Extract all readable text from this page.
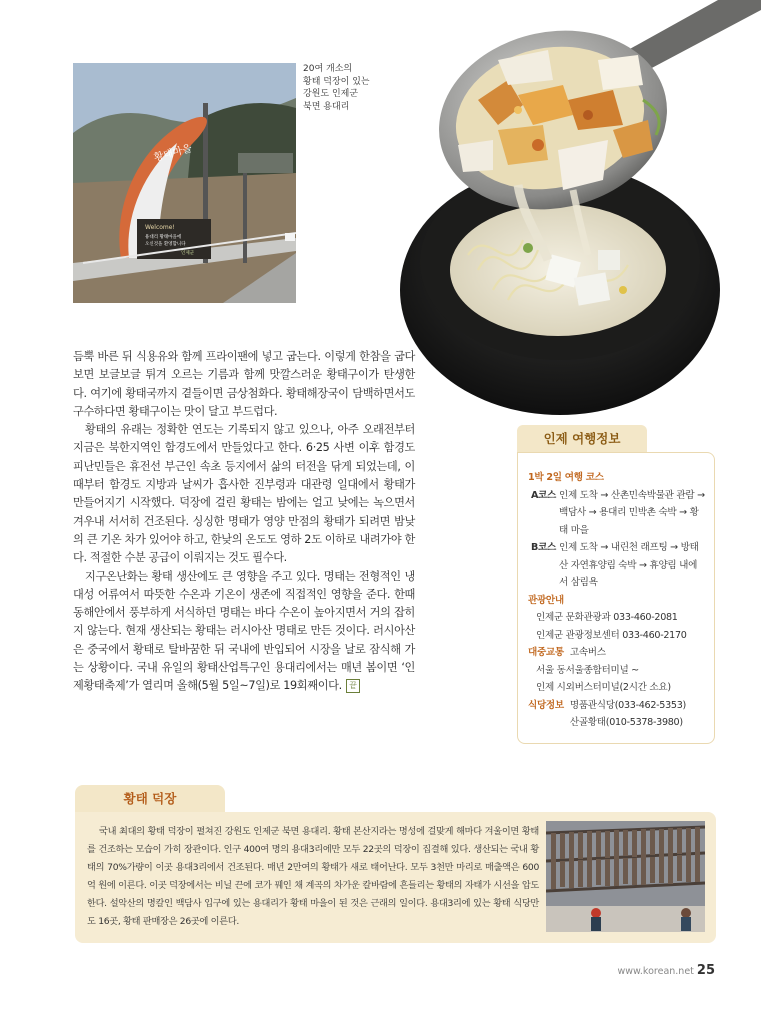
황태마을
Welcome!
용대리 황태마을에
오신것을 환영합니다
인제군
20여 개소의
황태 덕장이 있는
강원도 인제군
북면 용대리

듬뿍 바른 뒤 식용유와 함께 프라이팬에 넣고 굽는다. 이렇게 한참을 굽다 보면 보글보글 튀겨 오르는 기름과 함께 맛깔스러운 황태구이가 탄생한다. 여기에 황태국까지 곁들이면 금상첨화다. 황태해장국이 담백하면서도 구수하다면 황태구이는 맛이 달고 부드럽다.

황태의 유래는 정확한 연도는 기록되지 않고 있으나, 아주 오래전부터 지금은 북한지역인 함경도에서 만들었다고 한다. 6·25 사변 이후 함경도 피난민들은 휴전선 부근인 속초 등지에서 삶의 터전을 닦게 되었는데, 이때부터 함경도 지방과 날씨가 흡사한 진부령과 대관령 일대에서 황태가 만들어지기 시작했다. 덕장에 걸린 황태는 밤에는 얼고 낮에는 녹으면서 겨우내 서서히 건조된다. 싱싱한 명태가 영양 만점의 황태가 되려면 밤낮의 큰 기온 차가 있어야 하고, 한낮의 온도도 영하 2도 이하로 내려가야 한다. 적절한 수분 공급이 이뤄지는 것도 필수다.

지구온난화는 황태 생산에도 큰 영향을 주고 있다. 명태는 전형적인 냉대성 어류여서 따뜻한 수온과 기온이 생존에 직접적인 영향을 준다. 한때 동해안에서 풍부하게 서식하던 명태는 바다 수온이 높아지면서 거의 잡히지 않는다. 현재 생산되는 황태는 러시아산 명태로 만든 것이다. 러시아산은 중국에서 황태로 탈바꿈한 뒤 국내에 반입되어 시장을 날로 잠식해 가는 상황이다. 국내 유일의 황태산업특구인 용대리에서는 매년 봄이면 ‘인제황태축제’가 열리며 올해(5월 5일~7일)로 19회째이다. 끝

인제 여행정보
1박 2일 여행 코스
A코스 인제 도착 → 산촌민속박물관 관람 → 백담사 → 용대리 민박촌 숙박 → 황태 마을
B코스 인제 도착 → 내린천 래프팅 → 방태산 자연휴양림 숙박 → 휴양림 내에서 삼림욕
관광안내
인제군 문화관광과 033-460-2081
인제군 관광정보센터 033-460-2170
대중교통 고속버스
서울 동서울종합터미널 ~
인제 시외버스터미널(2시간 소요)
식당정보 명품관식당(033-462-5353)
산골황태(010-5378-3980)
황태 덕장
국내 최대의 황태 덕장이 펼쳐진 강원도 인제군 북면 용대리. 황태 본산지라는 명성에 걸맞게 해마다 겨울이면 황태를 건조하는 모습이 가히 장관이다. 인구 400여 명의 용대3리에만 모두 22곳의 덕장이 집결해 있다. 생산되는 국내 황태의 70%가량이 이곳 용대3리에서 건조된다. 매년 2만여의 황태가 새로 태어난다. 모두 3천만 마리로 매출액은 600억 원에 이른다. 이곳 덕장에서는 비닐 끈에 코가 꿰인 채 계곡의 차가운 칼바람에 흔들리는 황태의 자태가 시선을 압도한다. 설악산의 명칼인 백담사 입구에 있는 용대리가 황태 마을이 된 것은 근래의 일이다. 용대3리에 있는 황태 식당만도 16곳, 황태 판매장은 26곳에 이른다.
www.korean.net 25
